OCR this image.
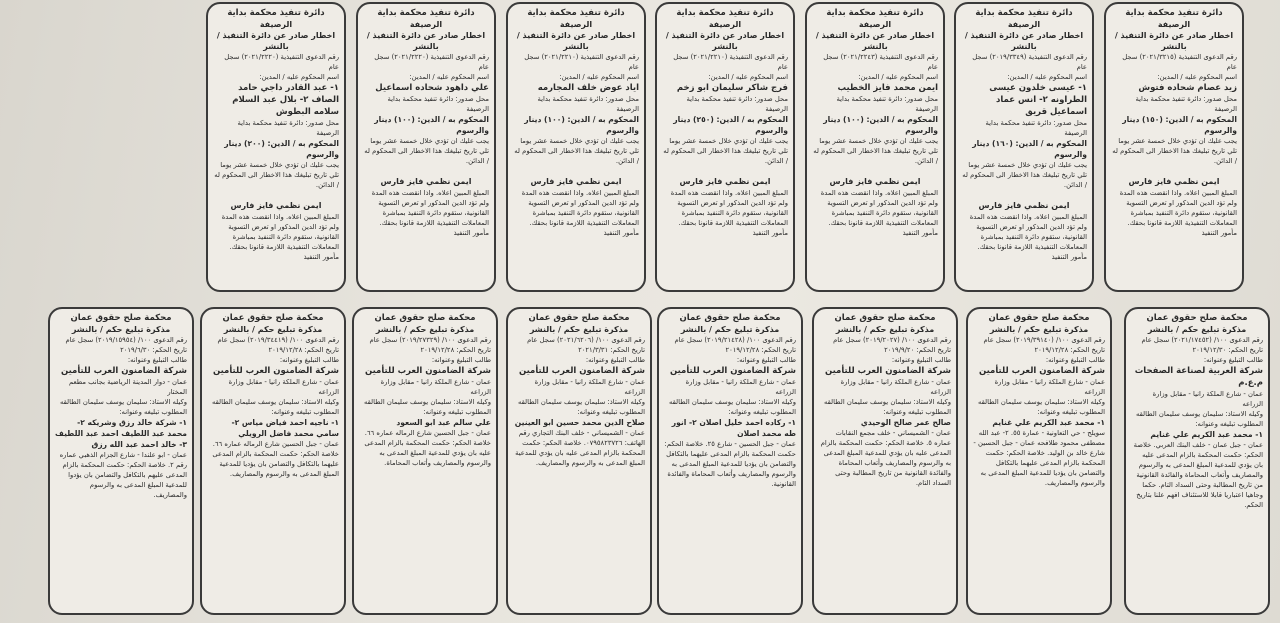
دائرة تنفيذ محكمة بداية
الرصيفة
اخطار صادر عن دائرة التنفيذ / بالنشر
رقم الدعوى التنفيذية (٢٠٢١/٣٢١٥) سجل عام
اسم المحكوم عليه / المدين:
زيد عصام شحاده فتوش
محل صدور: دائرة تنفيذ محكمة بداية الرصيفة
المحكوم به / الدين: (١٥٠) دينار والرسوم
يجب عليك ان تؤدي خلال خمسة عشر يوما تلي تاريخ تبليغك هذا الاخطار الى المحكوم له / الدائن.
ايمن نظمي فايز فارس
المبلغ المبين اعلاه. واذا انقضت هذه المدة ولم تؤد الدين المذكور او تعرض التسوية القانونية، ستقوم دائرة التنفيذ بمباشرة المعاملات التنفيذية اللازمة قانونا بحقك.
مأمور التنفيذ
دائرة تنفيذ محكمة بداية
الرصيفة
اخطار صادر عن دائرة التنفيذ / بالنشر
رقم الدعوى التنفيذية (٢٠١٩/٣٣٤٩) سجل عام
اسم المحكوم عليه / المدين:
١- عيسى خلدون عيسى الطراونه ٢- انس عماد اسماعيل قريق
محل صدور: دائرة تنفيذ محكمة بداية الرصيفة
المحكوم به / الدين: (١٦٠) دينار والرسوم
يجب عليك ان تؤدي خلال خمسة عشر يوما تلي تاريخ تبليغك هذا الاخطار الى المحكوم له / الدائن.
ايمن نظمي فايز فارس
المبلغ المبين اعلاه. واذا انقضت هذه المدة ولم تؤد الدين المذكور او تعرض التسوية القانونية، ستقوم دائرة التنفيذ بمباشرة المعاملات التنفيذية اللازمة قانونا بحقك.
مأمور التنفيذ
دائرة تنفيذ محكمة بداية
الرصيفة
اخطار صادر عن دائرة التنفيذ / بالنشر
رقم الدعوى التنفيذية (٢٠٢١/٢٢٤٣) سجل عام
اسم المحكوم عليه / المدين:
ايمن محمد فايز الخطيب
محل صدور: دائرة تنفيذ محكمة بداية الرصيفة
المحكوم به / الدين: (١٠٠) دينار والرسوم
يجب عليك ان تؤدي خلال خمسة عشر يوما تلي تاريخ تبليغك هذا الاخطار الى المحكوم له / الدائن.
ايمن نظمي فايز فارس
المبلغ المبين اعلاه. واذا انقضت هذه المدة ولم تؤد الدين المذكور او تعرض التسوية القانونية، ستقوم دائرة التنفيذ بمباشرة المعاملات التنفيذية اللازمة قانونا بحقك.
مأمور التنفيذ
دائرة تنفيذ محكمة بداية
الرصيفة
اخطار صادر عن دائرة التنفيذ / بالنشر
رقم الدعوى التنفيذية (٢٠٢١/٢٢١٠) سجل عام
اسم المحكوم عليه / المدين:
فرج شاكر سليمان ابو زخم
محل صدور: دائرة تنفيذ محكمة بداية الرصيفة
المحكوم به / الدين: (٢٥٠) دينار والرسوم
يجب عليك ان تؤدي خلال خمسة عشر يوما تلي تاريخ تبليغك هذا الاخطار الى المحكوم له / الدائن.
ايمن نظمي فايز فارس
المبلغ المبين اعلاه. واذا انقضت هذه المدة ولم تؤد الدين المذكور او تعرض التسوية القانونية، ستقوم دائرة التنفيذ بمباشرة المعاملات التنفيذية اللازمة قانونا بحقك.
مأمور التنفيذ
دائرة تنفيذ محكمة بداية
الرصيفة
اخطار صادر عن دائرة التنفيذ / بالنشر
رقم الدعوى التنفيذية (٢٠٢١/٢٢١٠) سجل عام
اسم المحكوم عليه / المدين:
اياد عوض خلف المجارمه
محل صدور: دائرة تنفيذ محكمة بداية الرصيفة
المحكوم به / الدين: (١٠٠) دينار والرسوم
يجب عليك ان تؤدي خلال خمسة عشر يوما تلي تاريخ تبليغك هذا الاخطار الى المحكوم له / الدائن.
ايمن نظمي فايز فارس
المبلغ المبين اعلاه. واذا انقضت هذه المدة ولم تؤد الدين المذكور او تعرض التسوية القانونية، ستقوم دائرة التنفيذ بمباشرة المعاملات التنفيذية اللازمة قانونا بحقك.
مأمور التنفيذ
دائرة تنفيذ محكمة بداية
الرصيفة
اخطار صادر عن دائرة التنفيذ / بالنشر
رقم الدعوى التنفيذية (٢٠٢١/٢٢٢٠) سجل عام
اسم المحكوم عليه / المدين:
علي داهود شحاده اسماعيل
محل صدور: دائرة تنفيذ محكمة بداية الرصيفة
المحكوم به / الدين: (١٠٠) دينار والرسوم
يجب عليك ان تؤدي خلال خمسة عشر يوما تلي تاريخ تبليغك هذا الاخطار الى المحكوم له / الدائن.
ايمن نظمي فايز فارس
المبلغ المبين اعلاه. واذا انقضت هذه المدة ولم تؤد الدين المذكور او تعرض التسوية القانونية، ستقوم دائرة التنفيذ بمباشرة المعاملات التنفيذية اللازمة قانونا بحقك.
مأمور التنفيذ
دائرة تنفيذ محكمة بداية
الرصيفة
اخطار صادر عن دائرة التنفيذ / بالنشر
رقم الدعوى التنفيذية (٢٠٢١/٢٢٢٠) سجل عام
اسم المحكوم عليه / المدين:
١- عبد القادر داجي حامد الصاف ٢- بلال عبد السلام سلامه البطوش
محل صدور: دائرة تنفيذ محكمة بداية الرصيفة
المحكوم به / الدين: (٢٠٠) دينار والرسوم
يجب عليك ان تؤدي خلال خمسة عشر يوما تلي تاريخ تبليغك هذا الاخطار الى المحكوم له / الدائن.
ايمن نظمي فايز فارس
المبلغ المبين اعلاه. واذا انقضت هذه المدة ولم تؤد الدين المذكور او تعرض التسوية القانونية، ستقوم دائرة التنفيذ بمباشرة المعاملات التنفيذية اللازمة قانونا بحقك.
مأمور التنفيذ
محكمة صلح حقوق عمان
مذكرة تبليغ حكم / بالنشر
رقم الدعوى ١٠٠/ (٢٠٢١/١٧٤٥٢) سجل عام
تاريخ الحكم: ٢٠١٩/١٢/٣٠
طالب التبليغ وعنوانه:
شركة العربية لصناعة الصفحات م.ع.م
عمان - شارع الملكة رانيا - مقابل وزارة الزراعه
وكيله الاستاذ: سليمان يوسف سليمان الطالقه
المطلوب تبليغه وعنوانه:
١- محمد عبد الكريم علي غنايم
عمان - جبل عمان - خلف البنك العربي. خلاصة الحكم: حكمت المحكمة بالزام المدعى عليه بان يؤدي للمدعية المبلغ المدعى به والرسوم والمصاريف وأتعاب المحاماة والفائدة القانونية من تاريخ المطالبة وحتى السداد التام. حكما وجاهيا اعتباريا قابلا للاستئناف افهم علنا بتاريخ الحكم.
محكمة صلح حقوق عمان
مذكرة تبليغ حكم / بالنشر
رقم الدعوى ١٠٠/ (٢٠١٩/٣٩١٤٠) سجل عام
تاريخ الحكم: ٢٠١٩/١٢/٢٨
طالب التبليغ وعنوانه:
شركة الضامنون العرب للتأمين
عمان - شارع الملكة رانيا - مقابل وزارة الزراعه
وكيله الاستاذ: سليمان يوسف سليمان الطالقه
المطلوب تبليغه وعنوانه:
١- محمد عبد الكريم علي غنايم
سويلح - حي التعاونية - عمارة ٥٥. ٢- عبد الله مصطفى محمود طلافحه عمان - جبل الحسين - شارع خالد بن الوليد. خلاصة الحكم: حكمت المحكمة بالزام المدعى عليهما بالتكافل والتضامن بان يؤديا للمدعية المبلغ المدعى به والرسوم والمصاريف.
محكمة صلح حقوق عمان
مذكرة تبليغ حكم / بالنشر
رقم الدعوى ١٠٠/ (٢٠١٩/٢٠٢٧) سجل عام
تاريخ الحكم: ٢٠١٩/٩/٢٠
طالب التبليغ وعنوانه:
شركة الضامنون العرب للتأمين
عمان - شارع الملكة رانيا - مقابل وزارة الزراعه
وكيله الاستاذ: سليمان يوسف سليمان الطالقه
المطلوب تبليغه وعنوانه:
صالح عمر صالح الوحيدي
عمان - الشميساني - خلف مجمع النقابات عماره ٥. خلاصة الحكم: حكمت المحكمة بالزام المدعى عليه بان يؤدي للمدعية المبلغ المدعى به والرسوم والمصاريف وأتعاب المحاماة والفائدة القانونية من تاريخ المطالبة وحتى السداد التام.
محكمة صلح حقوق عمان
مذكرة تبليغ حكم / بالنشر
رقم الدعوى ١٠٠/ (٢٠١٩/٢١٤٢٨) سجل عام
تاريخ الحكم: ٢٠١٩/١٢/٢٨
طالب التبليغ وعنوانه:
شركة الضامنون العرب للتأمين
عمان - شارع الملكة رانيا - مقابل وزارة الزراعه
وكيله الاستاذ: سليمان يوسف سليمان الطالقه
المطلوب تبليغه وعنوانه:
١- ركاده احمد خليل اصلان ٢- انور طه محمد اصلان
عمان - جبل الحسين - شارع ٢٥. خلاصة الحكم: حكمت المحكمة بالزام المدعى عليهما بالتكافل والتضامن بان يؤديا للمدعية المبلغ المدعى به والرسوم والمصاريف وأتعاب المحاماة والفائدة القانونية.
محكمة صلح حقوق عمان
مذكرة تبليغ حكم / بالنشر
رقم الدعوى ١٠٠/ (٢٠٢١/٦٢٠٦) سجل عام
تاريخ الحكم: ٢٠٢١/٣/٣١
طالب التبليغ وعنوانه:
شركة الضامنون العرب للتأمين
عمان - شارع الملكة رانيا - مقابل وزارة الزراعه
وكيله الاستاذ: سليمان يوسف سليمان الطالقه
المطلوب تبليغه وعنوانه:
صلاح الدين محمد حسين ابو العينين
عمان - الشميساني - خلف البنك التجاري رقم الهاتف: ٠٧٩٥٨٢٣٧٢٦. خلاصة الحكم: حكمت المحكمة بالزام المدعى عليه بان يؤدي للمدعية المبلغ المدعى به والرسوم والمصاريف.
محكمة صلح حقوق عمان
مذكرة تبليغ حكم / بالنشر
رقم الدعوى ١٠٠/ (٢٠١٩/٢٧٣٢٩) سجل عام
تاريخ الحكم: ٢٠١٩/١٢/٢٨
طالب التبليغ وعنوانه:
شركة الضامنون العرب للتأمين
عمان - شارع الملكة رانيا - مقابل وزارة الزراعه
وكيله الاستاذ: سليمان يوسف سليمان الطالقه
المطلوب تبليغه وعنوانه:
علي سالم عبد ابو السعود
عمان - جبل الحسين شارع الرماله عماره ٦٦. خلاصة الحكم: حكمت المحكمة بالزام المدعى عليه بان يؤدي للمدعية المبلغ المدعى به والرسوم والمصاريف وأتعاب المحاماة.
محكمة صلح حقوق عمان
مذكرة تبليغ حكم / بالنشر
رقم الدعوى ١٠٠/ (٢٠١٩/٣٤٤١٩) سجل عام
تاريخ الحكم: ٢٠١٩/١٢/٢٨
طالب التبليغ وعنوانه:
شركة الضامنون العرب للتأمين
عمان - شارع الملكة رانيا - مقابل وزارة الزراعه
وكيله الاستاذ: سليمان يوسف سليمان الطالقه
المطلوب تبليغه وعنوانه:
١- ناجيه احمد فياض مياس ٢- سامي محمد فاضل الرويلي
عمان - جبل الحسين شارع الرماله عماره ٦٦. خلاصة الحكم: حكمت المحكمة بالزام المدعى عليهما بالتكافل والتضامن بان يؤديا للمدعية المبلغ المدعى به والرسوم والمصاريف.
محكمة صلح حقوق عمان
مذكرة تبليغ حكم / بالنشر
رقم الدعوى ١٠٠/ (٢٠١٩/١٥٩٥٤) سجل عام
تاريخ الحكم: ٢٠١٩/٦/٣٠
طالب التبليغ وعنوانه:
شركة الضامنون العرب للتأمين
عمان - دوار المدينة الرياضية بجانب مطعم المختار
وكيله الاستاذ: سليمان يوسف سليمان الطالقه
المطلوب تبليغه وعنوانه:
١- شركة خالد رزق وشريكه ٢- محمد عبد اللطيف احمد عبد اللطيف ٣- خالد احمد عبد الله رزق
عمان - ابو علندا - شارع الجزام الذهبي عماره رقم ٢. خلاصة الحكم: حكمت المحكمة بالزام المدعى عليهم بالتكافل والتضامن بان يؤدوا للمدعية المبلغ المدعى به والرسوم والمصاريف.
